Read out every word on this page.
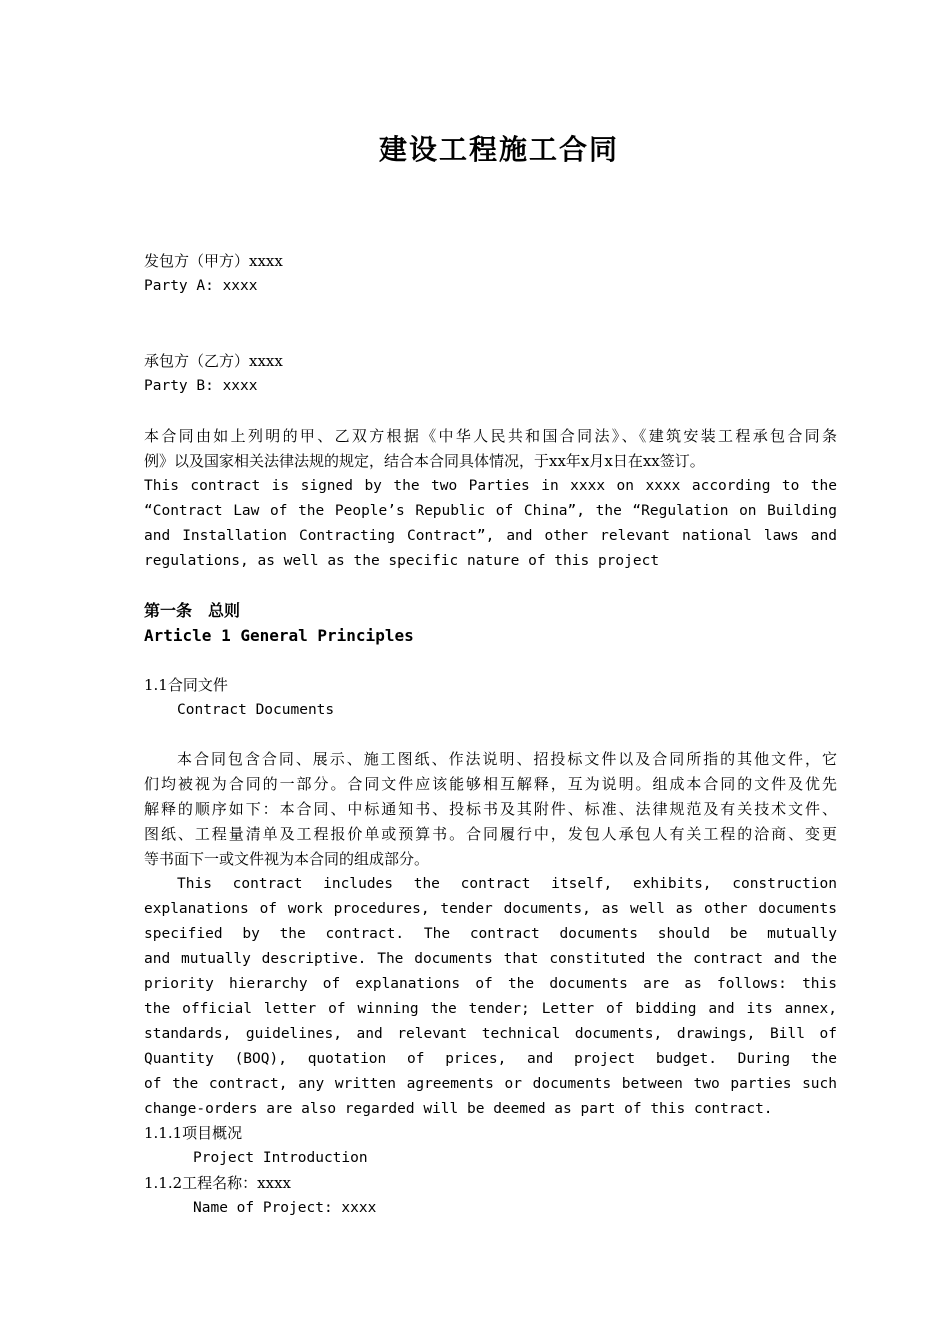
建设工程施工合同
发包方（甲方）xxxx
Party A: xxxx
承包方（乙方）xxxx
Party B: xxxx
本合同由如上列明的甲、乙双方根据《中华人民共和国合同法》、《建筑安装工程承包合同条
例》以及国家相关法律法规的规定，结合本合同具体情况，于xx年x月x日在xx签订。
This contract is signed by the two Parties in xxxx on xxxx according to the
“Contract Law of the People’s Republic of China”, the “Regulation on Building
and Installation Contracting Contract”, and other relevant national laws and
regulations, as well as the specific nature of this project
第一条　总则
Article 1 General Principles
1.1合同文件
Contract Documents
本合同包含合同、展示、施工图纸、作法说明、招投标文件以及合同所指的其他文件，它
们均被视为合同的一部分。合同文件应该能够相互解释，互为说明。组成本合同的文件及优先
解释的顺序如下：本合同、中标通知书、投标书及其附件、标准、法律规范及有关技术文件、
图纸、工程量清单及工程报价单或预算书。合同履行中，发包人承包人有关工程的洽商、变更
等书面下一或文件视为本合同的组成部分。
This contract includes the contract itself, exhibits, construction
explanations of work procedures, tender documents, as well as other documents
specified by the contract. The contract documents should be mutually
and mutually descriptive. The documents that constituted the contract and the
priority hierarchy of explanations of the documents are as follows: this
the official letter of winning the tender; Letter of bidding and its annex,
standards, guidelines, and relevant technical documents, drawings, Bill of
Quantity (BOQ), quotation of prices, and project budget. During the
of the contract, any written agreements or documents between two parties such
change-orders are also regarded will be deemed as part of this contract.
1.1.1项目概况
Project Introduction
1.1.2工程名称：xxxx
Name of Project: xxxx
